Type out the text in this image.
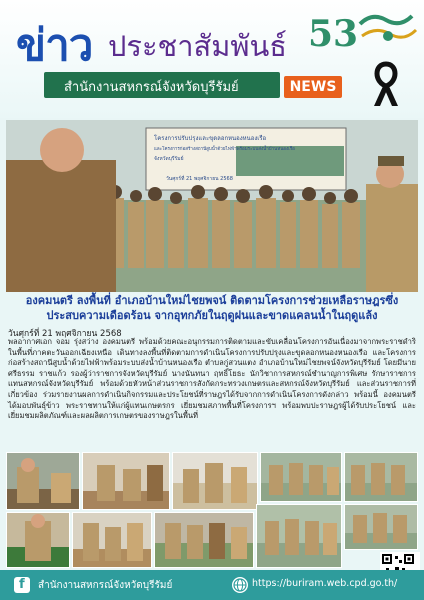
ข่าว ประชาสัมพันธ์
สำนักงานสหกรณ์จังหวัดบุรีรัมย์	NEWS
53
โครงการปรับปรุงและขุดลอกหนองหนองเรือ
และโครงการก่อสร้างสถานีสูบน้ำด้วยไฟฟ้าพร้อมระบบส่งน้ำบ้านหนองเรือ
จังหวัดบุรีรัมย์
วันศุกร์ที่ 21 พฤศจิกายน 2568
องคมนตรี ลงพื้นที่ อำเภอบ้านใหม่ไชยพจน์ ติดตามโครงการช่วยเหลือราษฎรซึ่งประสบความเดือดร้อน จากอุทกภัยในฤดูฝนและขาดแคลนน้ำในฤดูแล้ง
วันศุกร์ที่ 21 พฤศจิกายน 2568
พลอากาศเอก จอม รุ่งสว่าง องคมนตรี พร้อมด้วยคณะอนุกรรมการติดตามและขับเคลื่อนโครงการอันเนื่องมาจากพระราชดำริ ในพื้นที่ภาคตะวันออกเฉียงเหนือ เดินทางลงพื้นที่ติดตามการดำเนินโครงการปรับปรุงและขุดลอกหนองหนองเรือ และโครงการก่อสร้างสถานีสูบน้ำด้วยไฟฟ้าพร้อมระบบส่งน้ำบ้านหนองเรือ ตำบลกู่สวนแตง อำเภอบ้านใหม่ไชยพจน์จังหวัดบุรีรัมย์ โดยมีนายศรีธรรม ราชแก้ว รองผู้ว่าราชการจังหวัดบุรีรัมย์ นางนันทนา ฤทธิ์โยธะ นักวิชาการสหกรณ์ชำนาญการพิเศษ รักษาราชการแทนสหกรณ์จังหวัดบุรีรัมย์ พร้อมด้วยหัวหน้าส่วนราชการสังกัดกระทรวงเกษตรและสหกรณ์จังหวัดบุรีรัมย์ และส่วนราชการที่เกี่ยวข้อง ร่วมรายงานผลการดำเนินกิจกรรมและประโยชน์ที่ราษฎรได้รับจากการดำเนินโครงการดังกล่าว พร้อมนี้ องคมนตรี ได้มอบพันธุ์ข้าว พระราชทานให้แก่ผู้แทนเกษตรกร เยี่ยมชมสภาพพื้นที่โครงการฯ พร้อมพบปะราษฎรผู้ได้รับประโยชน์ และเยี่ยมชมผลิตภัณฑ์และผลผลิตการเกษตรของราษฎรในพื้นที่
f สำนักงานสหกรณ์จังหวัดบุรีรัมย์	https://buriram.web.cpd.go.th/
